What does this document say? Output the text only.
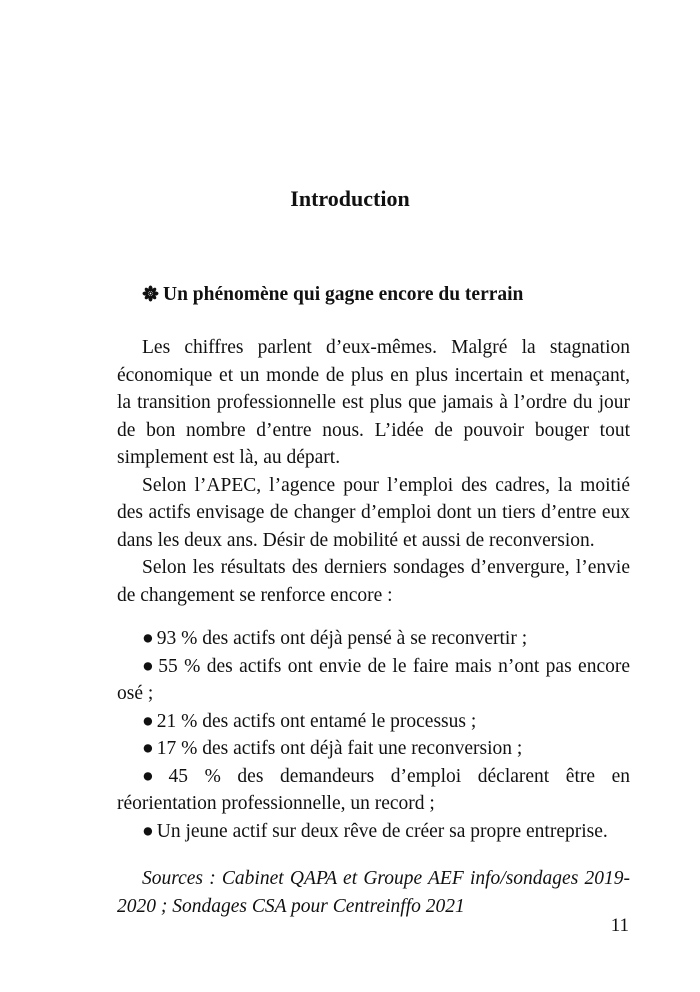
Introduction
Un phénomène qui gagne encore du terrain

Les chiffres parlent d’eux-mêmes. Malgré la stagnation économique et un monde de plus en plus incertain et menaçant, la transition professionnelle est plus que jamais à l’ordre du jour de bon nombre d’entre nous. L’idée de pouvoir bouger tout simplement est là, au départ.

Selon l’APEC, l’agence pour l’emploi des cadres, la moitié des actifs envisage de changer d’emploi dont un tiers d’entre eux dans les deux ans. Désir de mobilité et aussi de reconversion.

Selon les résultats des derniers sondages d’envergure, l’envie de changement se renforce encore :

● 93 % des actifs ont déjà pensé à se reconvertir ;
● 55 % des actifs ont envie de le faire mais n’ont pas encore osé ;
● 21 % des actifs ont entamé le processus ;
● 17 % des actifs ont déjà fait une reconversion ;
● 45 % des demandeurs d’emploi déclarent être en réorientation professionnelle, un record ;
● Un jeune actif sur deux rêve de créer sa propre entreprise.

Sources : Cabinet QAPA et Groupe AEF info/sondages 2019-2020 ; Sondages CSA pour Centreinffo 2021

11
